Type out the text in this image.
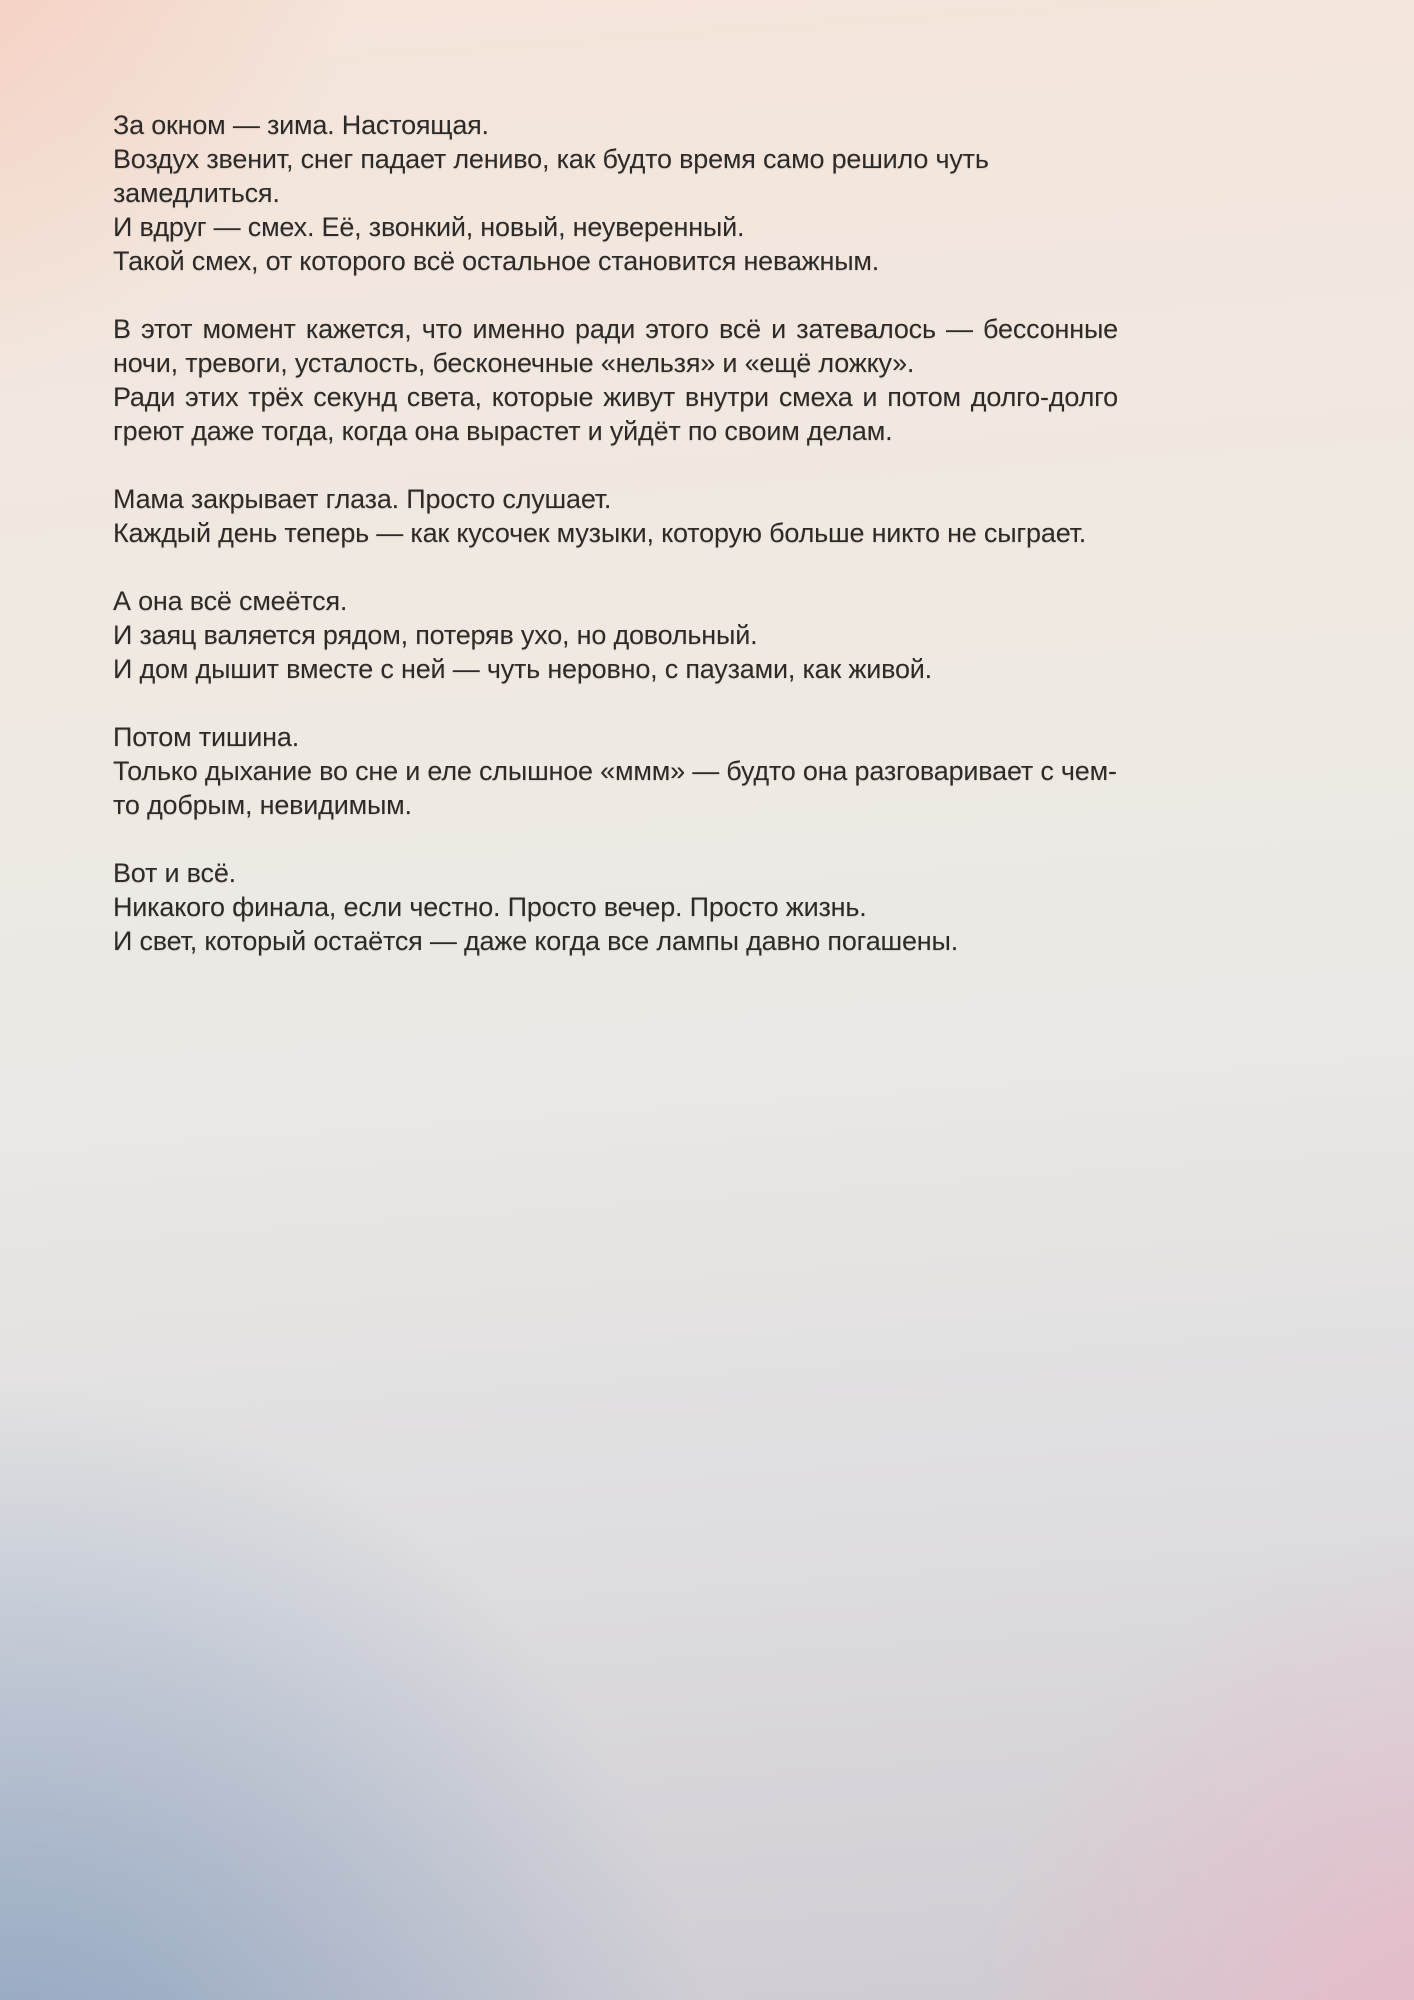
За окном — зима. Настоящая.

Воздух звенит, снег падает лениво, как будто время само решило чуть замедлиться.

И вдруг — смех. Её, звонкий, новый, неуверенный.

Такой смех, от которого всё остальное становится неважным.

В этот момент кажется, что именно ради этого всё и затевалось — бессонные ночи, тревоги, усталость, бесконечные «нельзя» и «ещё ложку».

Ради этих трёх секунд света, которые живут внутри смеха и потом долго-долго греют даже тогда, когда она вырастет и уйдёт по своим делам.

Мама закрывает глаза. Просто слушает.

Каждый день теперь — как кусочек музыки, которую больше никто не сыграет.

А она всё смеётся.

И заяц валяется рядом, потеряв ухо, но довольный.

И дом дышит вместе с ней — чуть неровно, с паузами, как живой.

Потом тишина.

Только дыхание во сне и еле слышное «ммм» — будто она разговаривает с чем-то добрым, невидимым.

Вот и всё.

Никакого финала, если честно. Просто вечер. Просто жизнь.

И свет, который остаётся — даже когда все лампы давно погашены.
